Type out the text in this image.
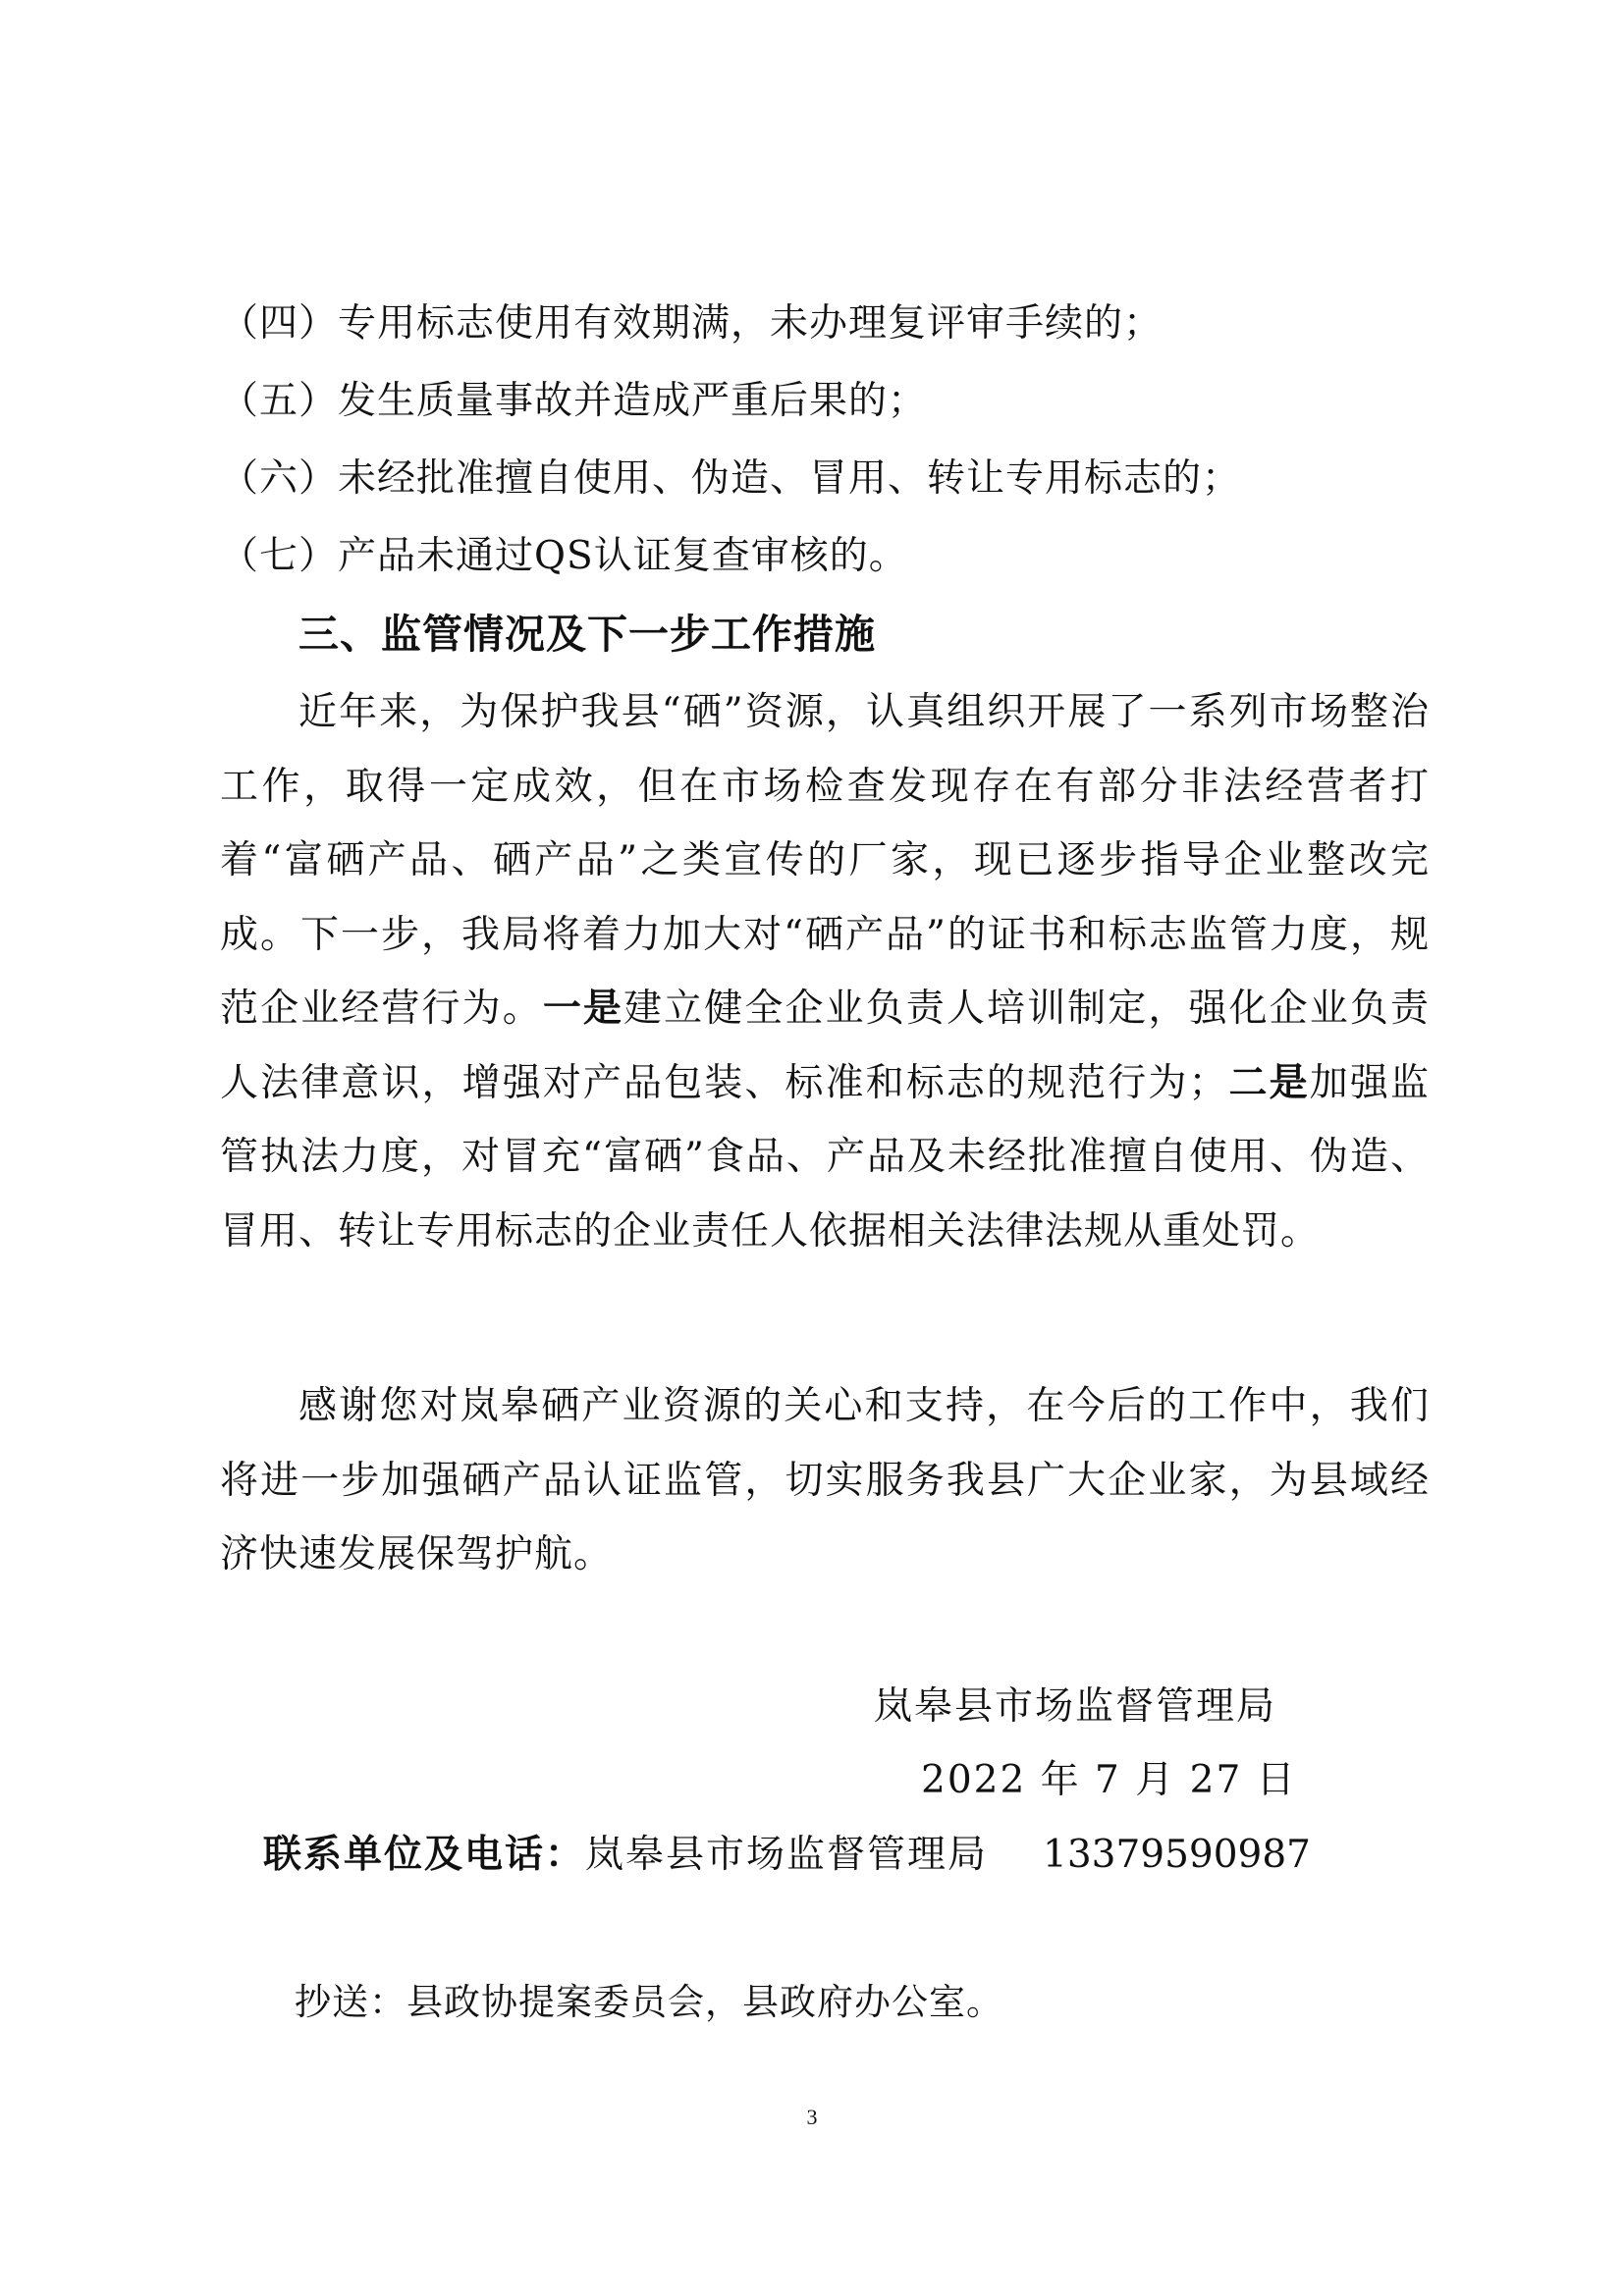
（四）专用标志使用有效期满，未办理复评审手续的；
（五）发生质量事故并造成严重后果的；
（六）未经批准擅自使用、伪造、冒用、转让专用标志的；
（七）产品未通过QS认证复查审核的。
三、监管情况及下一步工作措施
近年来，为保护我县“硒”资源，认真组织开展了一系列市场整治工作，取得一定成效，但在市场检查发现存在有部分非法经营者打着“富硒产品、硒产品”之类宣传的厂家，现已逐步指导企业整改完成。下一步，我局将着力加大对“硒产品”的证书和标志监管力度，规范企业经营行为。一是建立健全企业负责人培训制定，强化企业负责人法律意识，增强对产品包装、标准和标志的规范行为；二是加强监管执法力度，对冒充“富硒”食品、产品及未经批准擅自使用、伪造、冒用、转让专用标志的企业责任人依据相关法律法规从重处罚。
感谢您对岚皋硒产业资源的关心和支持，在今后的工作中，我们将进一步加强硒产品认证监管，切实服务我县广大企业家，为县域经济快速发展保驾护航。
岚皋县市场监督管理局
2022 年 7 月 27 日
联系单位及电话：岚皋县市场监督管理局 13379590987
抄送：县政协提案委员会，县政府办公室。
3
